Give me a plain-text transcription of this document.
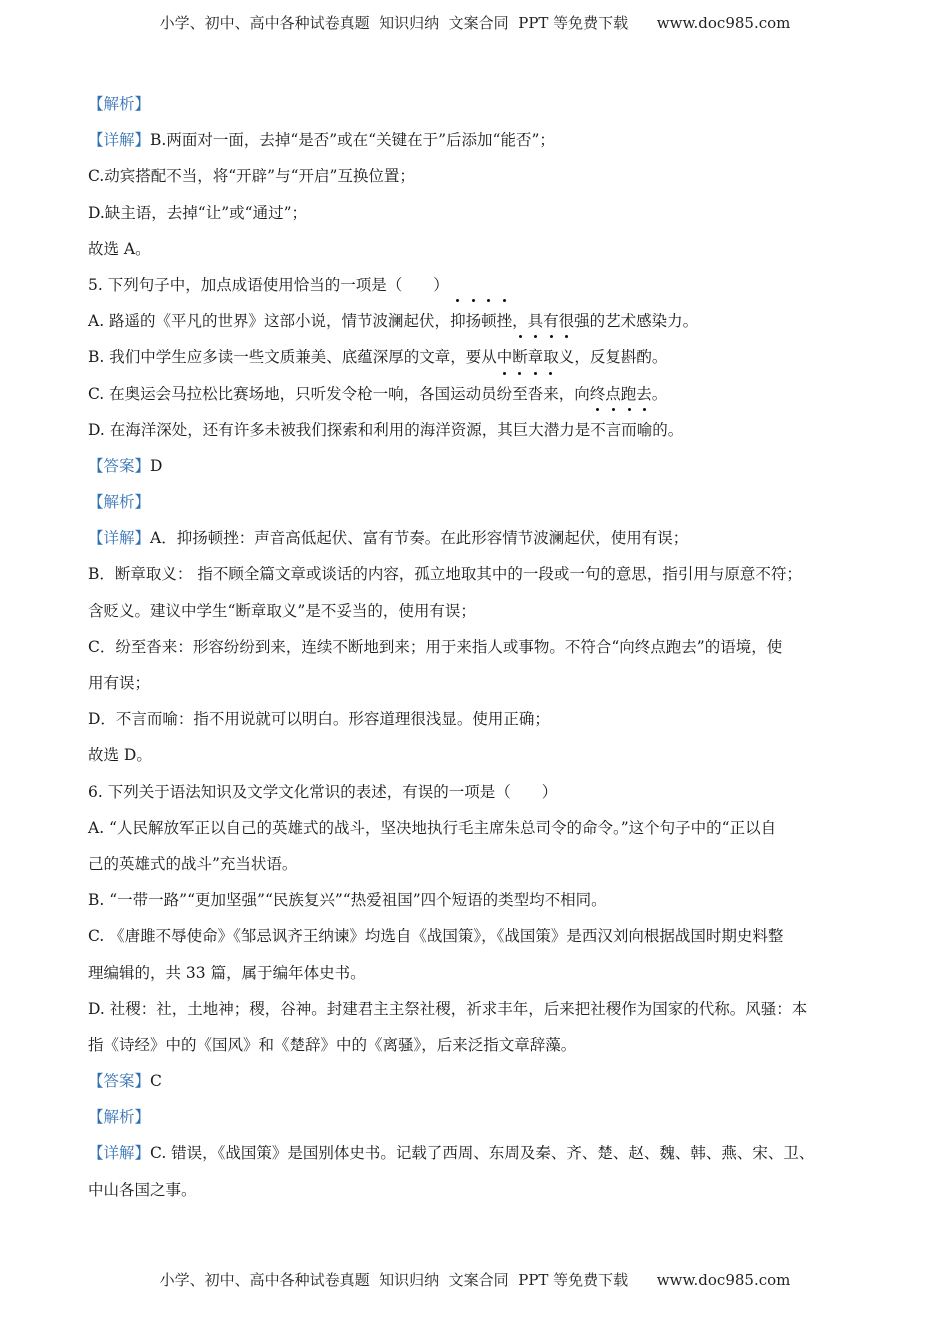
小学、初中、高中各种试卷真题  知识归纳  文案合同  PPT 等免费下载      www.doc985.com
【解析】
【详解】B.两面对一面，去掉“是否”或在“关键在于”后添加“能否”；
C.动宾搭配不当，将“开辟”与“开启”互换位置；
D.缺主语，去掉“让”或“通过”；
故选 A。
5. 下列句子中，加点成语使用恰当的一项是（　　）
A. 路遥的《平凡的世界》这部小说，情节波澜起伏，抑扬顿挫，具有很强的艺术感染力。
B. 我们中学生应多读一些文质兼美、底蕴深厚的文章，要从中断章取义，反复斟酌。
C. 在奥运会马拉松比赛场地，只听发令枪一响，各国运动员纷至沓来，向终点跑去。
D. 在海洋深处，还有许多未被我们探索和利用的海洋资源，其巨大潜力是不言而喻的。
【答案】D
【解析】
【详解】A．抑扬顿挫：声音高低起伏、富有节奏。在此形容情节波澜起伏，使用有误；
B．断章取义： 指不顾全篇文章或谈话的内容，孤立地取其中的一段或一句的意思，指引用与原意不符；
含贬义。建议中学生“断章取义”是不妥当的，使用有误；
C．纷至沓来：形容纷纷到来，连续不断地到来；用于来指人或事物。不符合“向终点跑去”的语境，使
用有误；
D．不言而喻：指不用说就可以明白。形容道理很浅显。使用正确；
故选 D。
6. 下列关于语法知识及文学文化常识的表述，有误的一项是（　　）
A. “人民解放军正以自己的英雄式的战斗，坚决地执行毛主席朱总司令的命令。”这个句子中的“正以自
己的英雄式的战斗”充当状语。
B. “一带一路”“更加坚强”“民族复兴”“热爱祖国”四个短语的类型均不相同。
C. 《唐雎不辱使命》《邹忌讽齐王纳谏》均选自《战国策》，《战国策》是西汉刘向根据战国时期史料整
理编辑的，共 33 篇，属于编年体史书。
D. 社稷：社，土地神；稷，谷神。封建君主主祭社稷，祈求丰年，后来把社稷作为国家的代称。风骚：本
指《诗经》中的《国风》和《楚辞》中的《离骚》，后来泛指文章辞藻。
【答案】C
【解析】
【详解】C. 错误，《战国策》是国别体史书。记载了西周、东周及秦、齐、楚、赵、魏、韩、燕、宋、卫、
中山各国之事。
小学、初中、高中各种试卷真题  知识归纳  文案合同  PPT 等免费下载      www.doc985.com
